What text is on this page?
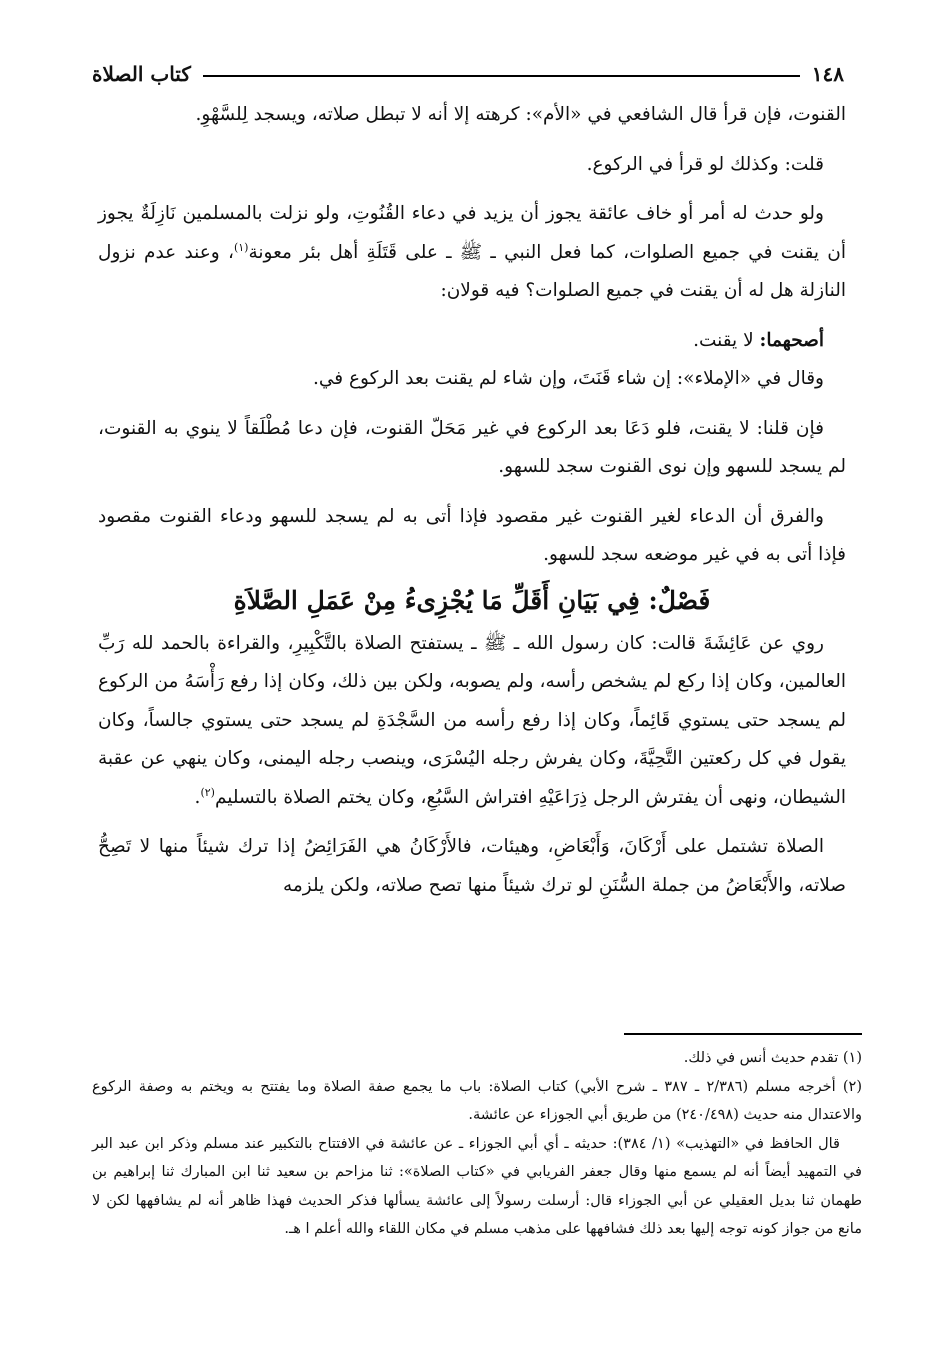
١٤٨
كتاب الصلاة

القنوت، فإن قرأ قال الشافعي في «الأم»: كرهته إلا أنه لا تبطل صلاته، ويسجد لِلسَّهْوِ.

قلت: وكذلك لو قرأ في الركوع.

ولو حدث له أمر أو خاف عائقة يجوز أن يزيد في دعاء القُنُوتِ، ولو نزلت بالمسلمين نَازِلَةٌ يجوز أن يقنت في جميع الصلوات، كما فعل النبي ـ ﷺ ـ على قَتَلَةِ أهل بئر معونة$^{(١)}$، وعند عدم نزول النازلة هل له أن يقنت في جميع الصلوات؟ فيه قولان:

أصحهما: لا يقنت.

وقال في «الإملاء»: إن شاء قَنَتَ، وإن شاء لم يقنت بعد الركوع في.

فإن قلنا: لا يقنت، فلو دَعَا بعد الركوع في غير مَحَلّ القنوت، فإن دعا مُطْلَقاً لا ينوي به القنوت، لم يسجد للسهو وإن نوى القنوت سجد للسهو.

والفرق أن الدعاء لغير القنوت غير مقصود فإذا أتى به لم يسجد للسهو ودعاء القنوت مقصود فإذا أتى به في غير موضعه سجد للسهو.

فَصْلٌ: فِي بَيَانِ أَقَلِّ مَا يُجْزِىءُ مِنْ عَمَلِ الصَّلاَةِ

روي عن عَائِشَةَ قالت: كان رسول الله ـ ﷺ ـ يستفتح الصلاة بالتَّكْبِيرِ، والقراءة بالحمد لله رَبِّ العالمين، وكان إذا ركع لم يشخص رأسه، ولم يصوبه، ولكن بين ذلك، وكان إذا رفع رَأْسَهُ من الركوع لم يسجد حتى يستوي قَائِماً، وكان إذا رفع رأسه من السَّجْدَةِ لم يسجد حتى يستوي جالساً، وكان يقول في كل ركعتين التَّحِيَّةَ، وكان يفرش رجله اليُسْرَى، وينصب رجله اليمنى، وكان ينهي عن عقبة الشيطان، ونهى أن يفترش الرجل ذِرَاعَيْهِ افتراش السَّبُعِ، وكان يختم الصلاة بالتسليم$^{(٢)}$.

الصلاة تشتمل على أَرْكَانَ، وَأَبْعَاضِ، وهيئات، فالأَرْكَانُ هي الفَرَائِضُ إذا ترك شيئاً منها لا تَصِحُّ صلاته، والأَبْعَاضُ من جملة السُّنَنِ لو ترك شيئاً منها تصح صلاته، ولكن يلزمه

(١) تقدم حديث أنس في ذلك.

(٢) أخرجه مسلم (٢/٣٨٦ ـ ٣٨٧ ـ شرح الأبي) كتاب الصلاة: باب ما يجمع صفة الصلاة وما يفتتح به ويختم به وصفة الركوع والاعتدال منه حديث (٢٤٠/٤٩٨) من طريق أبي الجوزاء عن عائشة.

قال الحافظ في «التهذيب» (١/ ٣٨٤): حديثه ـ أي أبي الجوزاء ـ عن عائشة في الافتتاح بالتكبير عند مسلم وذكر ابن عبد البر في التمهيد أيضاً أنه لم يسمع منها وقال جعفر الفريابي في «كتاب الصلاة»: ثنا مزاحم بن سعيد ثنا ابن المبارك ثنا إبراهيم بن طهمان ثنا بديل العقيلي عن أبي الجوزاء قال: أرسلت رسولاً إلى عائشة يسألها فذكر الحديث فهذا ظاهر أنه لم يشافهها لكن لا مانع من جواز كونه توجه إليها بعد ذلك فشافهها على مذهب مسلم في مكان اللقاء والله أعلم ا هـ.
